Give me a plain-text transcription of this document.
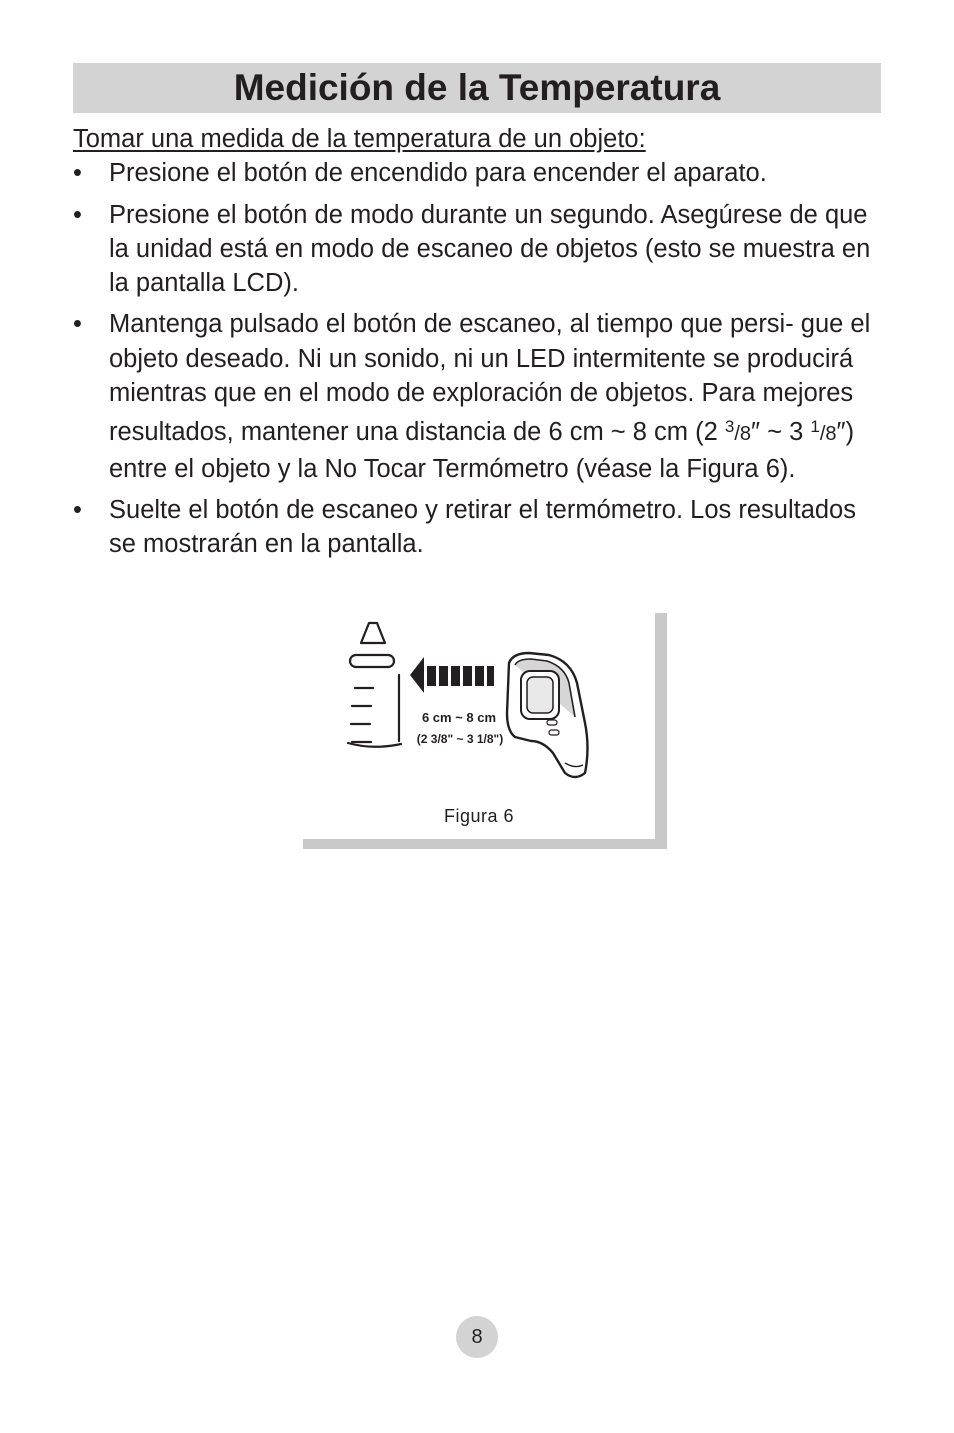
Medición de la Temperatura

Tomar una medida de la temperatura de un objeto:

• Presione el botón de encendido para encender el aparato.
• Presione el botón de modo durante un segundo. Asegúrese de que la unidad está en modo de escaneo de objetos (esto se muestra en la pantalla LCD).
• Mantenga pulsado el botón de escaneo, al tiempo que persi- gue el objeto deseado. Ni un sonido, ni un LED intermitente se producirá mientras que en el modo de exploración de objetos. Para mejores resultados, mantener una distancia de 6 cm ~ 8 cm (2 $^3$/8″ ~ 3 $^1$/8″) entre el objeto y la No Tocar Termómetro (véase la Figura 6).
• Suelte el botón de escaneo y retirar el termómetro. Los resultados se mostrarán en la pantalla.
6 cm ~ 8 cm
(2 3/8" ~ 3 1/8")
Figura 6
8
